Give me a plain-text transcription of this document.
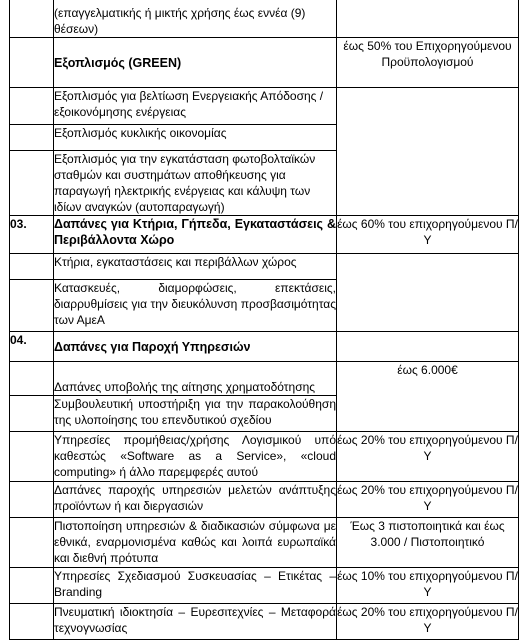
	(επαγγελματικής ή μικτής χρήσης έως εννέα (9) θέσεων)	
	Εξοπλισμός (GREEN)	έως 50% του Επιχορηγούμενου Προϋπολογισμού
	Εξοπλισμός για βελτίωση Ενεργειακής Απόδοσης /εξοικονόμησης ενέργειας	
	Εξοπλισμός κυκλικής οικονομίας	
	Εξοπλισμός για την εγκατάσταση φωτοβολταϊκών σταθμών και συστημάτων αποθήκευσης για παραγωγή ηλεκτρικής ενέργειας και κάλυψη των ιδίων αναγκών (αυτοπαραγωγή)	
03.	Δαπάνες για Κτήρια, Γήπεδα, Εγκαταστάσεις & Περιβάλλοντα Χώρο	έως 60% του επιχορηγούμενου Π/Υ
	Κτήρια, εγκαταστάσεις και περιβάλλων χώρος	
	Κατασκευές, διαμορφώσεις, επεκτάσεις, διαρρυθμίσεις για την διευκόλυνση προσβασιμότητας των ΑμεΑ	
04.	Δαπάνες για Παροχή Υπηρεσιών	
	Δαπάνες υποβολής της αίτησης χρηματοδότησης	έως 6.000€
	Συμβουλευτική υποστήριξη για την παρακολούθηση της υλοποίησης του επενδυτικού σχεδίου	
	Υπηρεσίες προμήθειας/χρήσης Λογισμικού υπό καθεστώς «Software as a Service», «cloud computing» ή άλλο παρεμφερές αυτού	έως 20% του επιχορηγούμενου Π/Υ
	Δαπάνες παροχής υπηρεσιών μελετών ανάπτυξης προϊόντων ή και διεργασιών	έως 20% του επιχορηγούμενου Π/Υ
	Πιστοποίηση υπηρεσιών & διαδικασιών σύμφωνα με εθνικά, εναρμονισμένα καθώς και λοιπά ευρωπαϊκά και διεθνή πρότυπα	Έως 3 πιστοποιητικά και έως 3.000 / Πιστοποιητικό
	Υπηρεσίες Σχεδιασμού Συσκευασίας – Ετικέτας – Branding	έως 10% του επιχορηγούμενου Π/Υ
	Πνευματική ιδιοκτησία – Ευρεσιτεχνίες – Μεταφορά τεχνογνωσίας	έως 20% του επιχορηγούμενου Π/Υ
